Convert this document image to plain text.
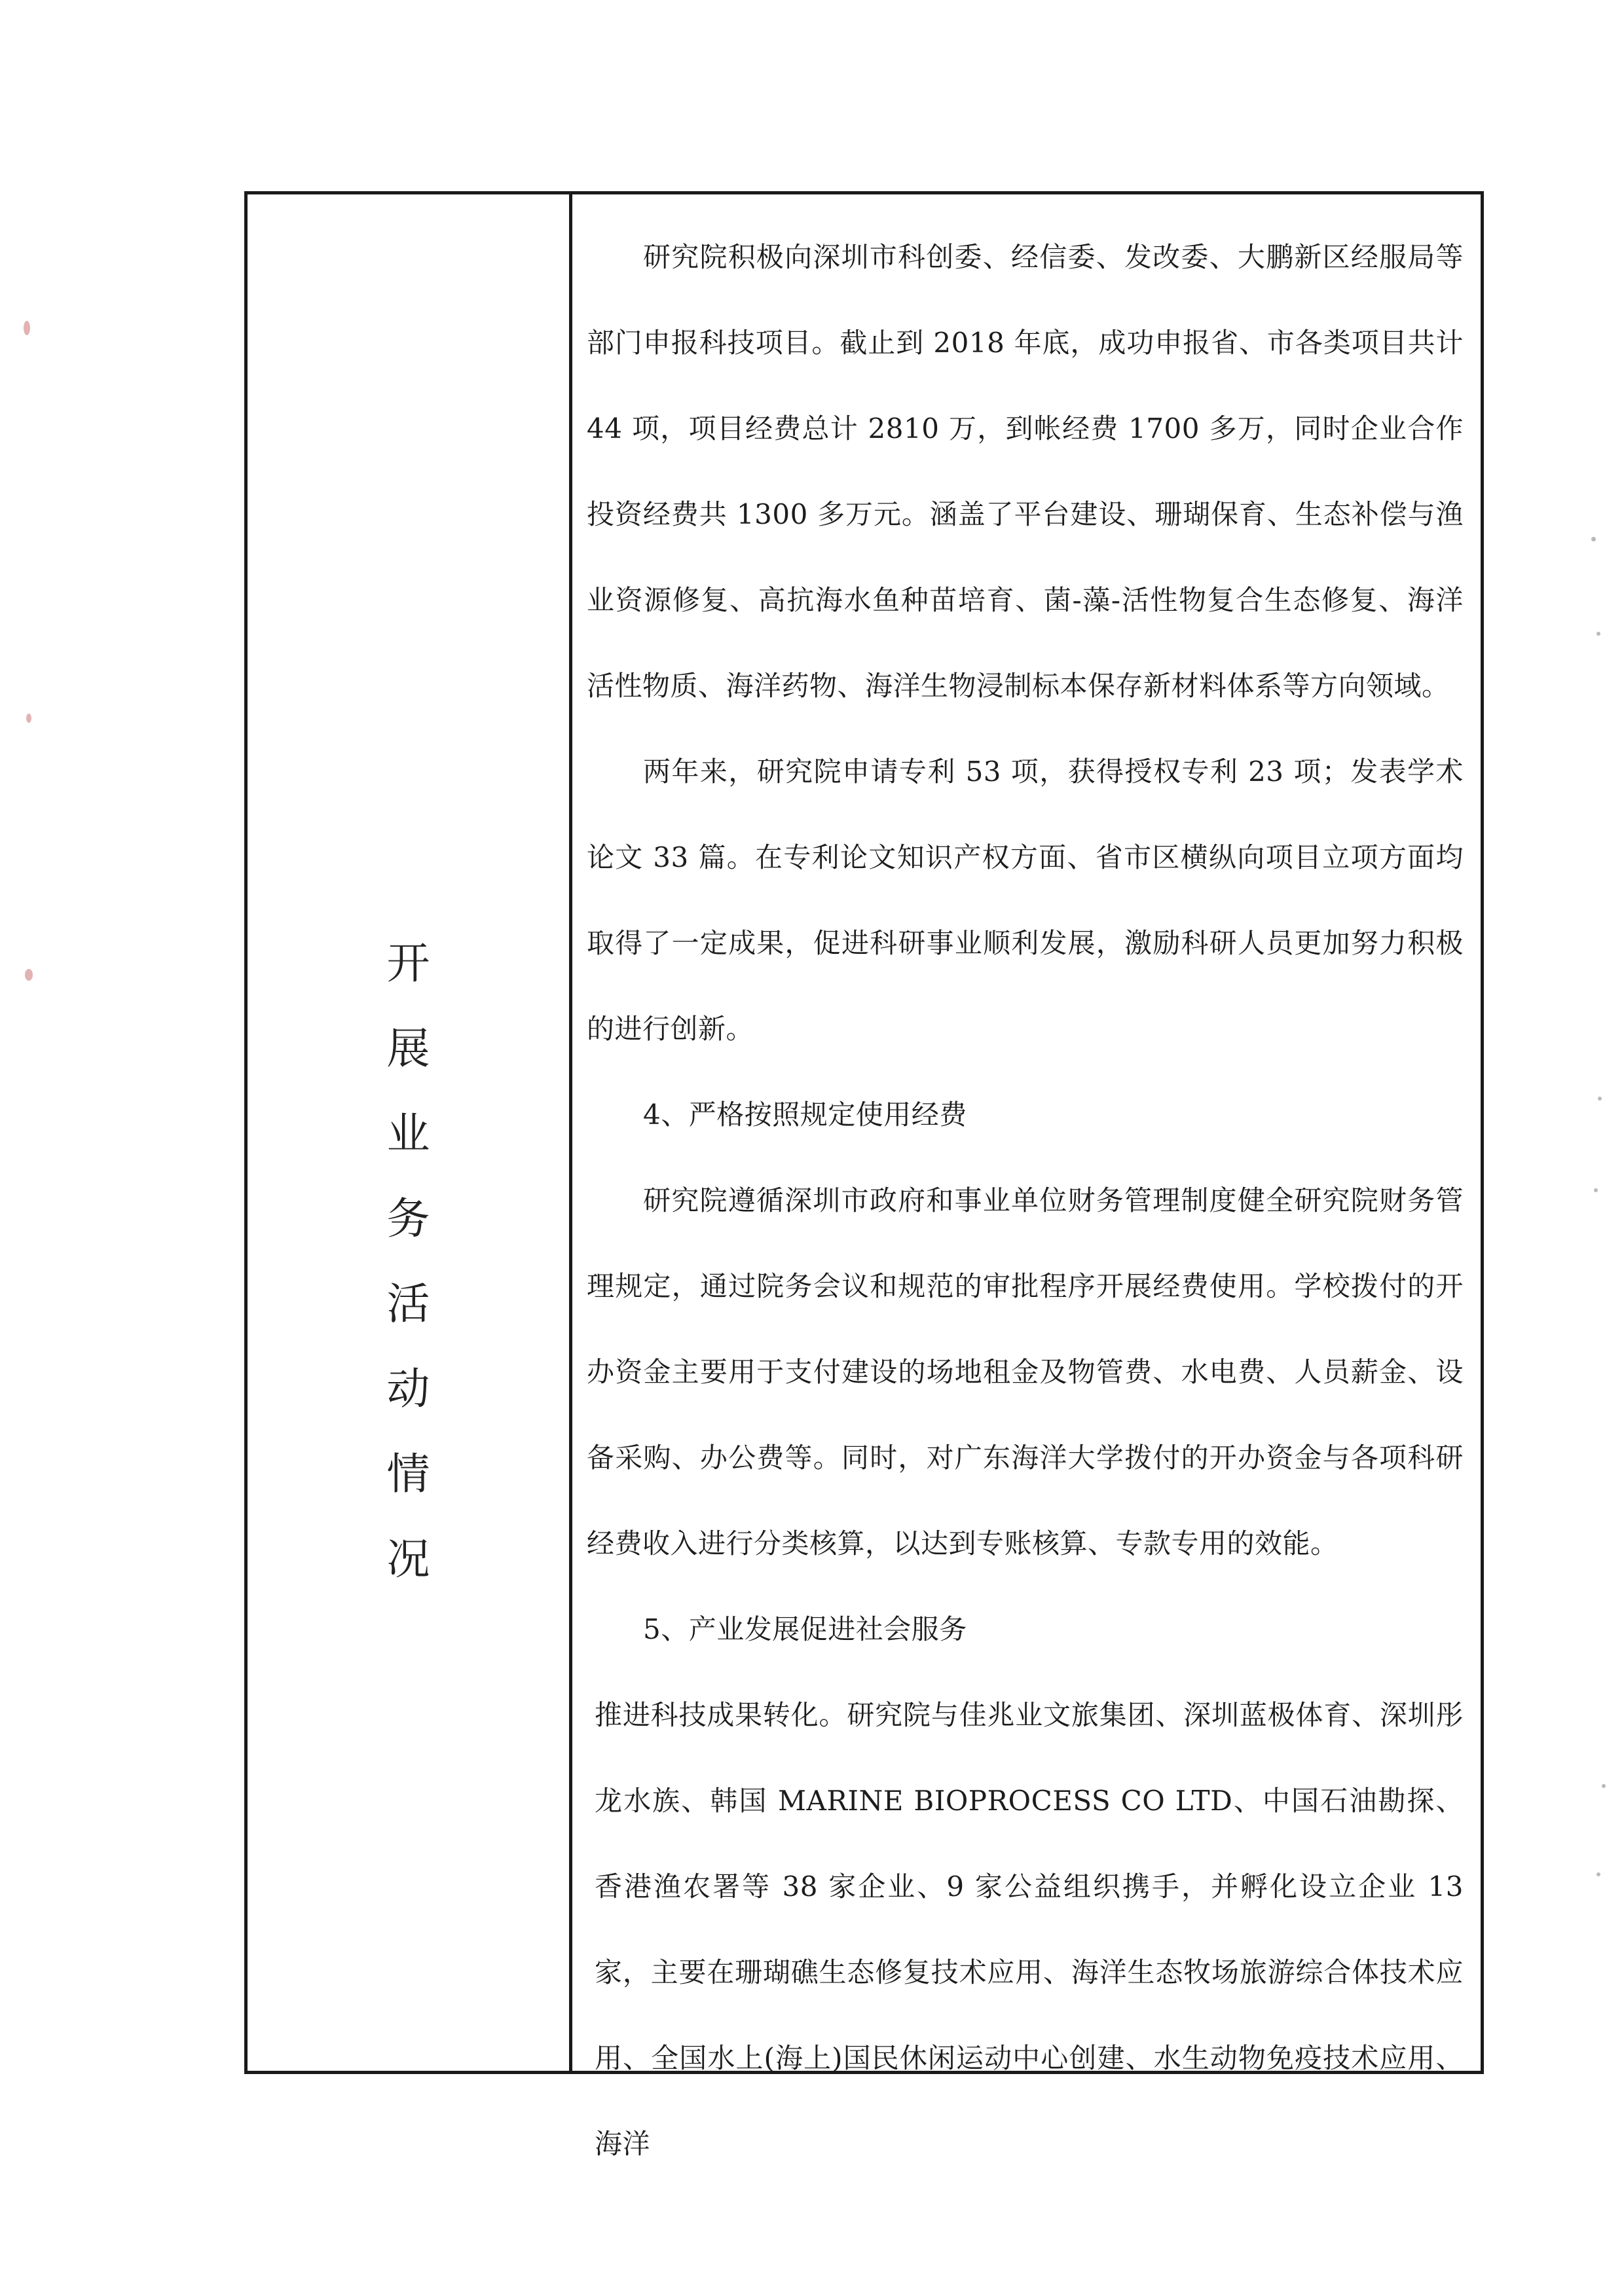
开
展
业
务
活
动
情
况

研究院积极向深圳市科创委、经信委、发改委、大鹏新区经服局等部门申报科技项目。截止到 2018 年底，成功申报省、市各类项目共计 44 项，项目经费总计 2810 万，到帐经费 1700 多万，同时企业合作投资经费共 1300 多万元。涵盖了平台建设、珊瑚保育、生态补偿与渔业资源修复、高抗海水鱼种苗培育、菌-藻-活性物复合生态修复、海洋活性物质、海洋药物、海洋生物浸制标本保存新材料体系等方向领域。

两年来，研究院申请专利 53 项，获得授权专利 23 项；发表学术论文 33 篇。在专利论文知识产权方面、省市区横纵向项目立项方面均取得了一定成果，促进科研事业顺利发展，激励科研人员更加努力积极的进行创新。

4、严格按照规定使用经费

研究院遵循深圳市政府和事业单位财务管理制度健全研究院财务管理规定，通过院务会议和规范的审批程序开展经费使用。学校拨付的开办资金主要用于支付建设的场地租金及物管费、水电费、人员薪金、设备采购、办公费等。同时，对广东海洋大学拨付的开办资金与各项科研经费收入进行分类核算，以达到专账核算、专款专用的效能。

5、产业发展促进社会服务

推进科技成果转化。研究院与佳兆业文旅集团、深圳蓝极体育、深圳彤龙水族、韩国 MARINE BIOPROCESS CO LTD、中国石油勘探、香港渔农署等 38 家企业、9 家公益组织携手，并孵化设立企业 13 家，主要在珊瑚礁生态修复技术应用、海洋生态牧场旅游综合体技术应用、全国水上(海上)国民休闲运动中心创建、水生动物免疫技术应用、海洋
